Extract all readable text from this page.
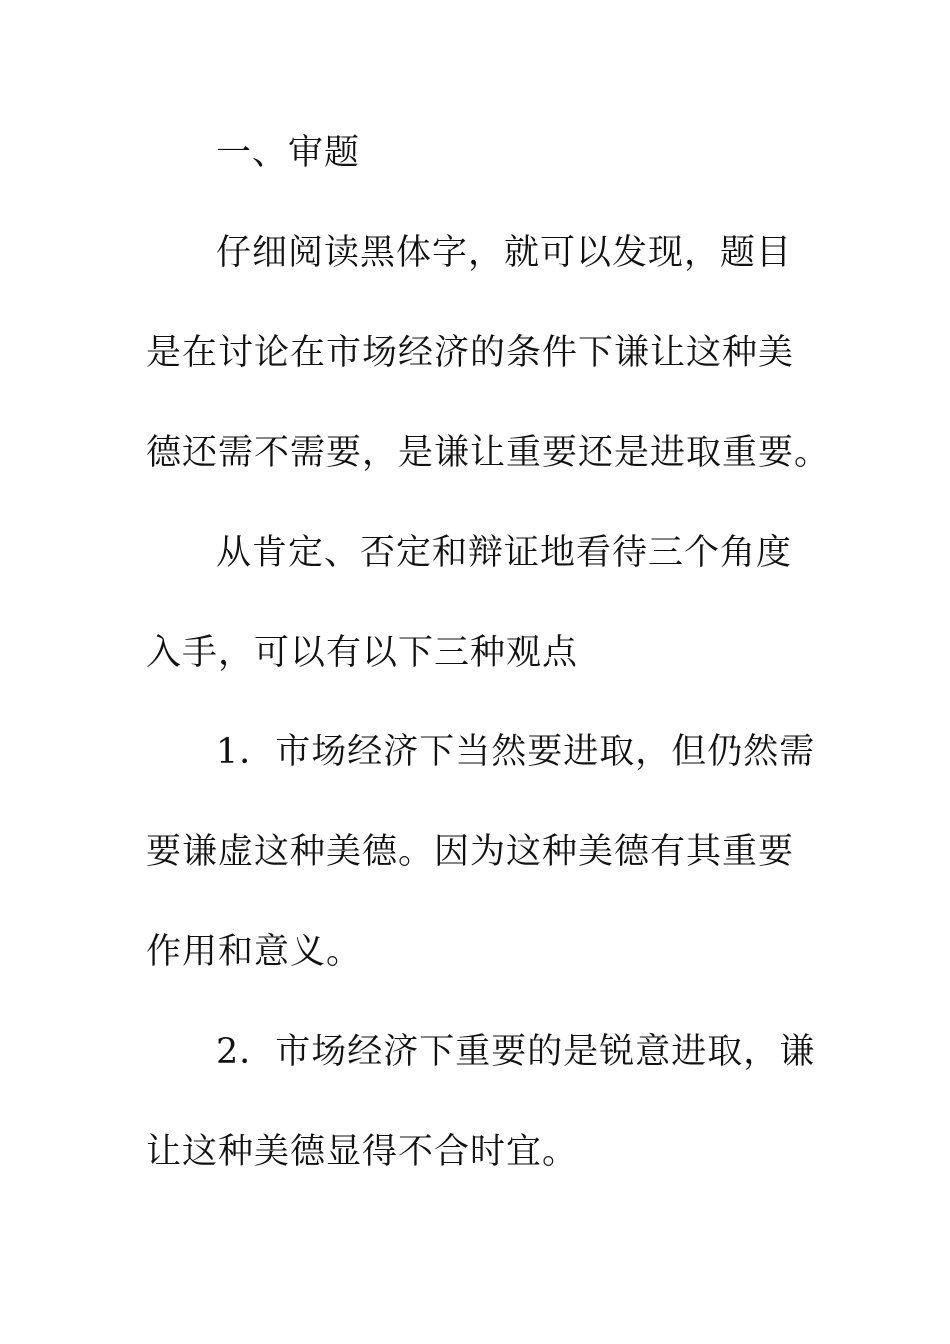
一、审题
仔细阅读黑体字，就可以发现，题目
是在讨论在市场经济的条件下谦让这种美
德还需不需要，是谦让重要还是进取重要。
从肯定、否定和辩证地看待三个角度
入手，可以有以下三种观点
1．市场经济下当然要进取，但仍然需
要谦虚这种美德。因为这种美德有其重要
作用和意义。
2．市场经济下重要的是锐意进取，谦
让这种美德显得不合时宜。
